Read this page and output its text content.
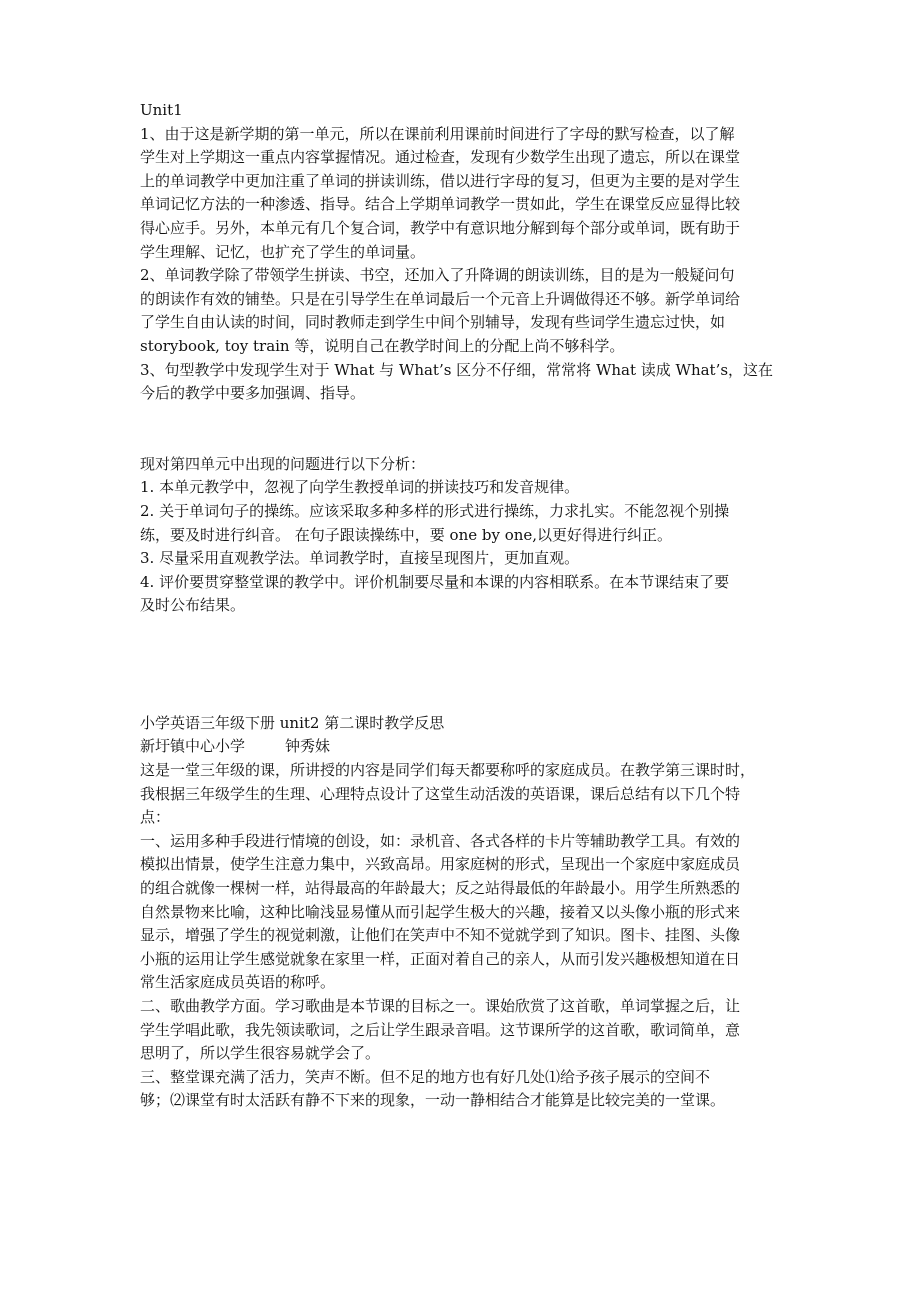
Unit1
1、由于这是新学期的第一单元，所以在课前利用课前时间进行了字母的默写检查，以了解
学生对上学期这一重点内容掌握情况。通过检查，发现有少数学生出现了遗忘，所以在课堂
上的单词教学中更加注重了单词的拼读训练，借以进行字母的复习，但更为主要的是对学生
单词记忆方法的一种渗透、指导。结合上学期单词教学一贯如此，学生在课堂反应显得比较
得心应手。另外，本单元有几个复合词，教学中有意识地分解到每个部分或单词，既有助于
学生理解、记忆，也扩充了学生的单词量。
2、单词教学除了带领学生拼读、书空，还加入了升降调的朗读训练，目的是为一般疑问句
的朗读作有效的铺垫。只是在引导学生在单词最后一个元音上升调做得还不够。新学单词给
了学生自由认读的时间，同时教师走到学生中间个别辅导，发现有些词学生遗忘过快，如
storybook, toy train 等，说明自己在教学时间上的分配上尚不够科学。
3、句型教学中发现学生对于 What 与 What’s 区分不仔细，常常将 What 读成 What’s，这在
今后的教学中要多加强调、指导。
现对第四单元中出现的问题进行以下分析：
1. 本单元教学中，忽视了向学生教授单词的拼读技巧和发音规律。
2. 关于单词句子的操练。应该采取多种多样的形式进行操练，力求扎实。不能忽视个别操
练，要及时进行纠音。 在句子跟读操练中，要 one by one,以更好得进行纠正。
3. 尽量采用直观教学法。单词教学时，直接呈现图片，更加直观。
4. 评价要贯穿整堂课的教学中。评价机制要尽量和本课的内容相联系。在本节课结束了要
及时公布结果。
小学英语三年级下册 unit2 第二课时教学反思
新圩镇中心小学	钟秀妹
这是一堂三年级的课，所讲授的内容是同学们每天都要称呼的家庭成员。在教学第三课时时，
我根据三年级学生的生理、心理特点设计了这堂生动活泼的英语课，课后总结有以下几个特
点：
一、运用多种手段进行情境的创设，如：录机音、各式各样的卡片等辅助教学工具。有效的
模拟出情景，使学生注意力集中，兴致高昂。用家庭树的形式，呈现出一个家庭中家庭成员
的组合就像一棵树一样，站得最高的年龄最大；反之站得最低的年龄最小。用学生所熟悉的
自然景物来比喻，这种比喻浅显易懂从而引起学生极大的兴趣，接着又以头像小瓶的形式来
显示，增强了学生的视觉刺激，让他们在笑声中不知不觉就学到了知识。图卡、挂图、头像
小瓶的运用让学生感觉就象在家里一样，正面对着自己的亲人，从而引发兴趣极想知道在日
常生活家庭成员英语的称呼。
二、歌曲教学方面。学习歌曲是本节课的目标之一。课始欣赏了这首歌，单词掌握之后，让
学生学唱此歌，我先领读歌词，之后让学生跟录音唱。这节课所学的这首歌，歌词简单，意
思明了，所以学生很容易就学会了。
三、整堂课充满了活力，笑声不断。但不足的地方也有好几处⑴给予孩子展示的空间不
够；⑵课堂有时太活跃有静不下来的现象，一动一静相结合才能算是比较完美的一堂课。
